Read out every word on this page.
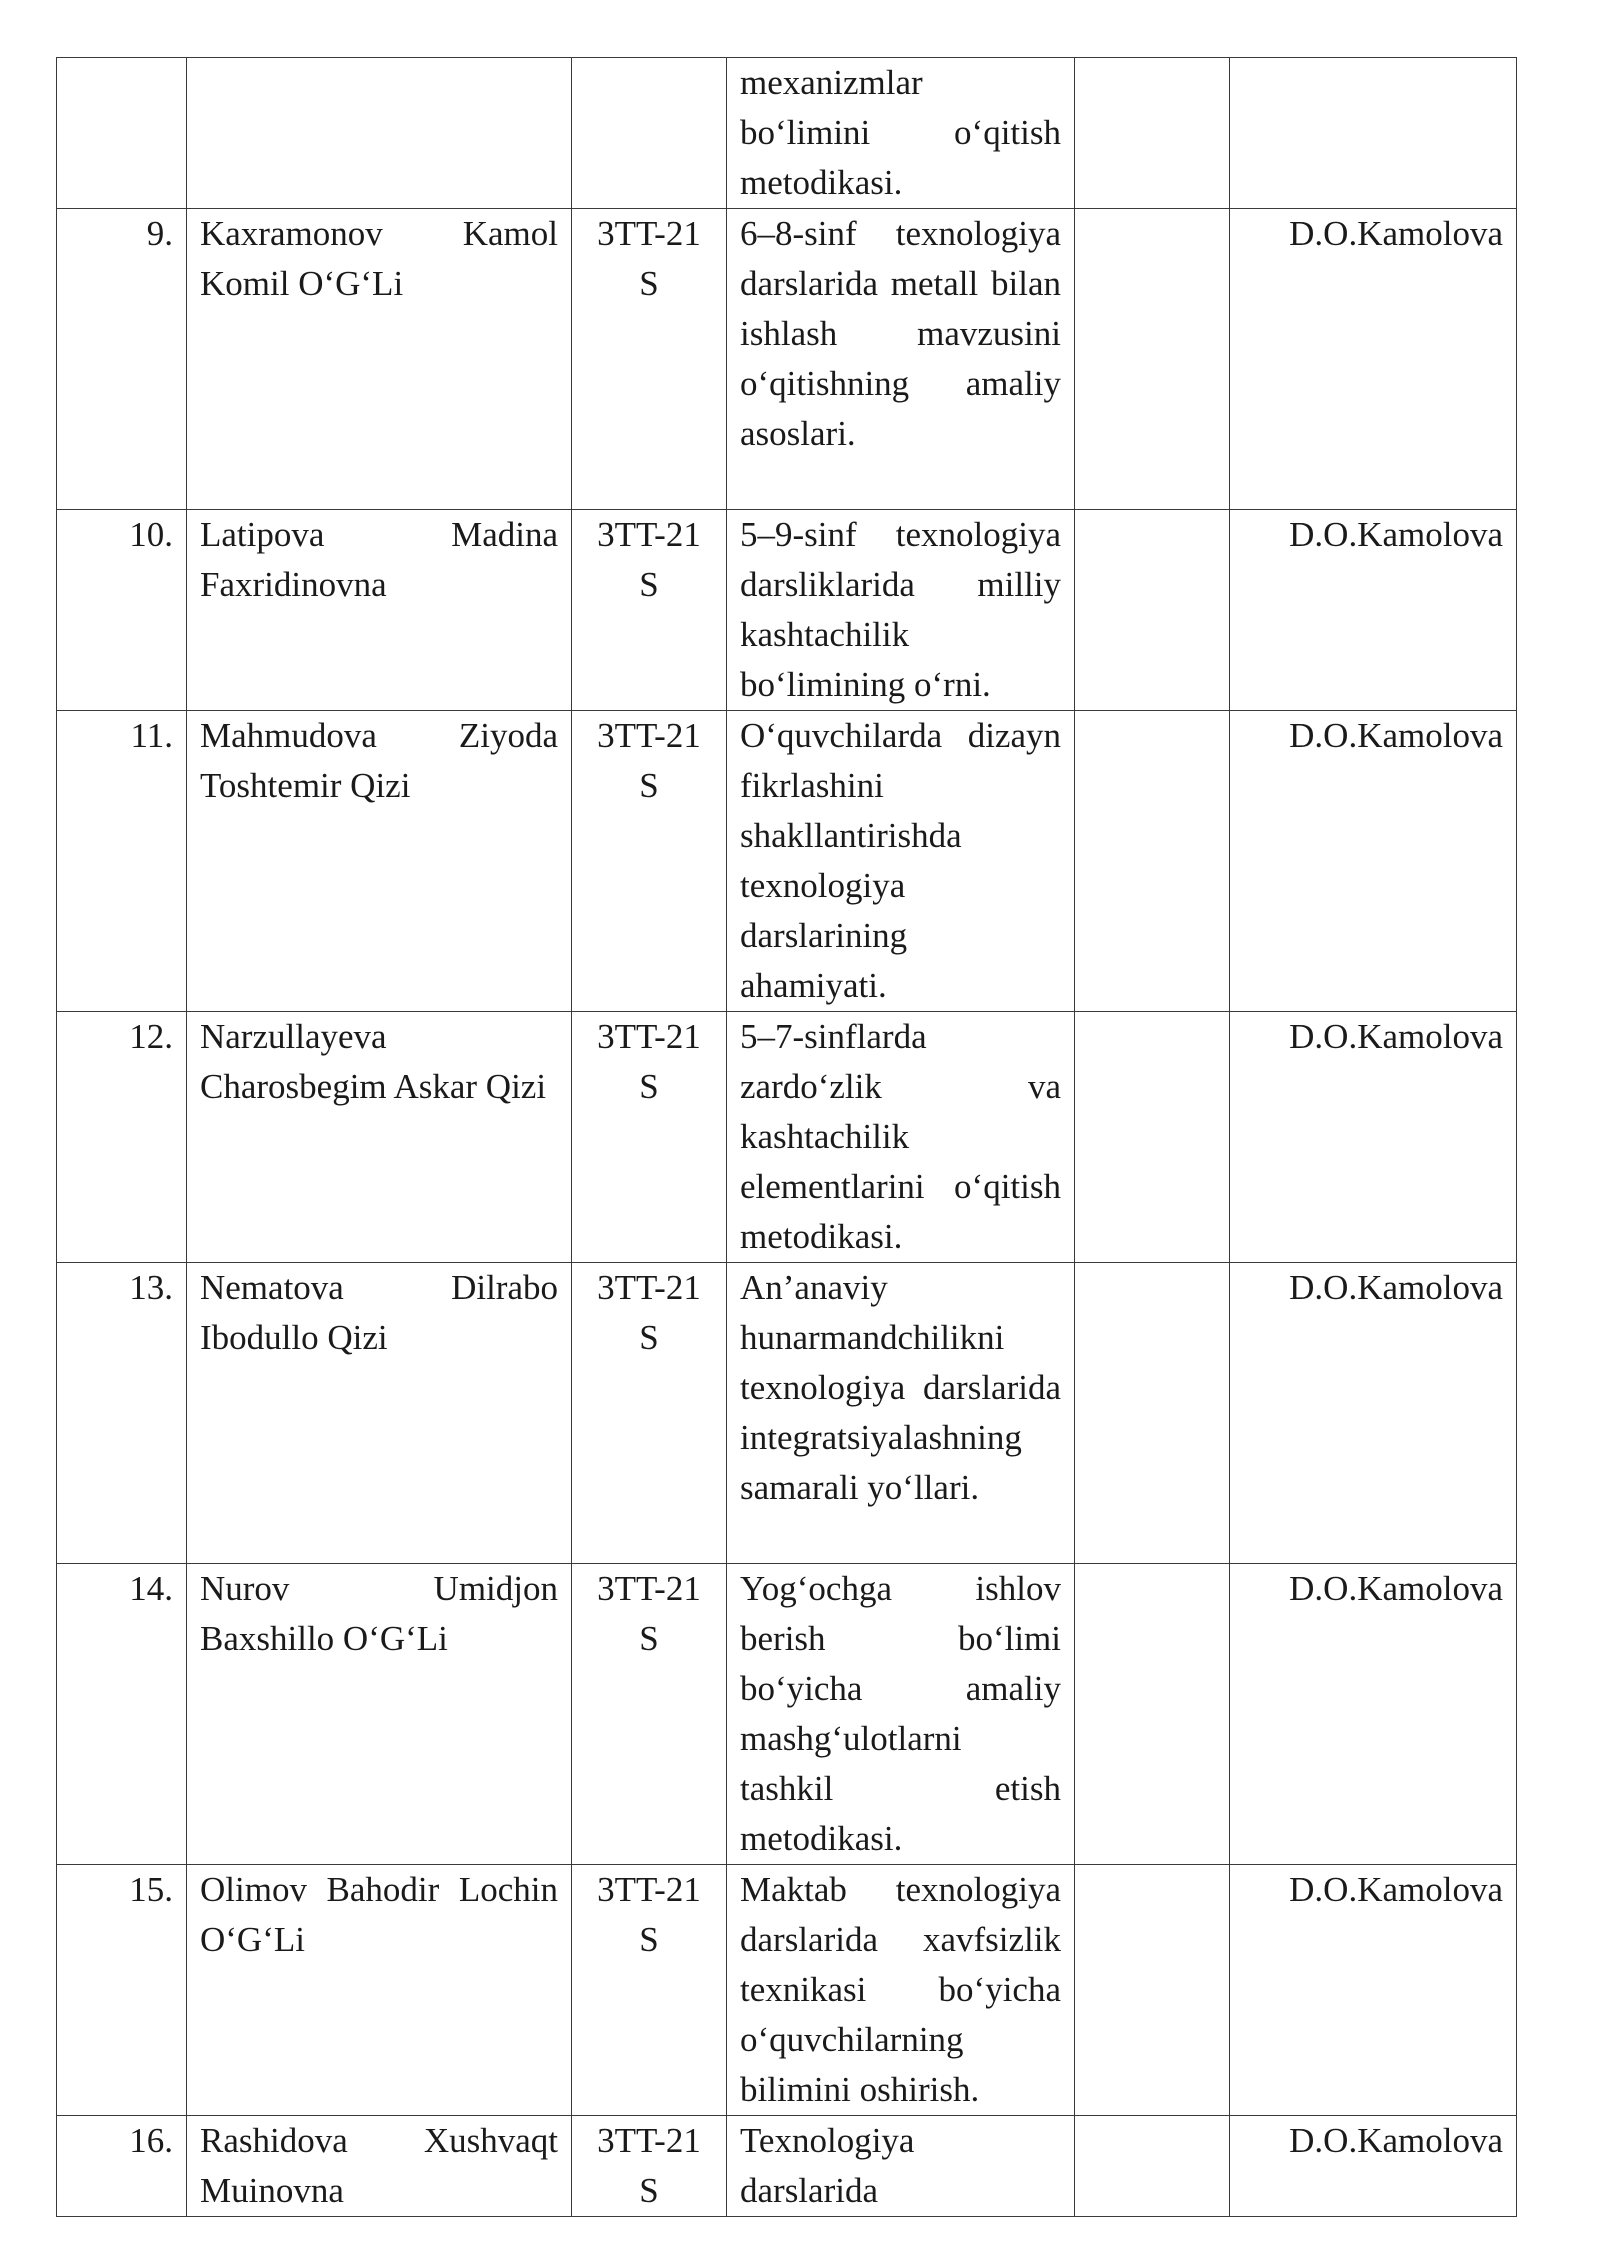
			mexanizmlar bo‘limini o‘qitish metodikasi.		
9.	Kaxramonov Kamol Komil O‘G‘Li	3TT-21 S	6–8-sinf texnologiya darslarida metall bilan ishlash mavzusini o‘qitishning amaliy asoslari.		D.O.Kamolova
10.	Latipova Madina Faxridinovna	3TT-21 S	5–9-sinf texnologiya darsliklarida milliy kashtachilik bo‘limining o‘rni.		D.O.Kamolova
11.	Mahmudova Ziyoda Toshtemir Qizi	3TT-21 S	O‘quvchilarda dizayn fikrlashini shakllantirishda texnologiya darslarining ahamiyati.		D.O.Kamolova
12.	Narzullayeva Charosbegim Askar Qizi	3TT-21 S	5–7-sinflarda zardo‘zlik va kashtachilik elementlarini o‘qitish metodikasi.		D.O.Kamolova
13.	Nematova Dilrabo Ibodullo Qizi	3TT-21 S	An’anaviy hunarmandchilikni texnologiya darslarida integratsiyalashning samarali yo‘llari.		D.O.Kamolova
14.	Nurov Umidjon Baxshillo O‘G‘Li	3TT-21 S	Yog‘ochga ishlov berish bo‘limi bo‘yicha amaliy mashg‘ulotlarni tashkil etish metodikasi.		D.O.Kamolova
15.	Olimov Bahodir Lochin O‘G‘Li	3TT-21 S	Maktab texnologiya darslarida xavfsizlik texnikasi bo‘yicha o‘quvchilarning bilimini oshirish.		D.O.Kamolova
16.	Rashidova Xushvaqt Muinovna	3TT-21 S	Texnologiya darslarida		D.O.Kamolova
